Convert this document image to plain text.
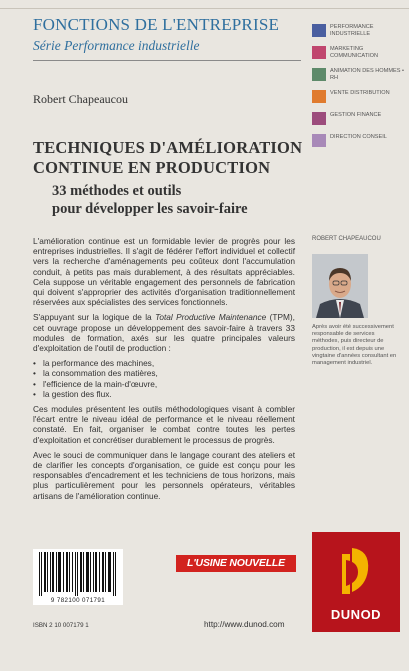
FONCTIONS DE L'ENTREPRISE
Série Performance industrielle
PERFORMANCE INDUSTRIELLE
MARKETING COMMUNICATION
ANIMATION DES HOMMES • RH
VENTE DISTRIBUTION
GESTION FINANCE
DIRECTION CONSEIL
Robert Chapeaucou
TECHNIQUES D'AMÉLIORATION
CONTINUE EN PRODUCTION
33 méthodes et outils
pour développer les savoir-faire

L'amélioration continue est un formidable levier de progrès pour les entreprises industrielles. Il s'agit de fédérer l'effort individuel et collectif vers la recherche d'aménagements peu coûteux dont l'accumulation conduit, à petits pas mais durablement, à des résultats appréciables. Cela suppose un véritable engagement des personnels de fabrication qui doivent s'approprier des activités d'organisation traditionnellement réservées aux spécialistes des services fonctionnels.

S'appuyant sur la logique de la Total Productive Maintenance (TPM), cet ouvrage propose un développement des savoir-faire à travers 33 modules de formation, axés sur les quatre principales valeurs d'exploitation de l'outil de production :

• la performance des machines,
• la consommation des matières,
• l'efficience de la main-d'œuvre,
• la gestion des flux.

Ces modules présentent les outils méthodologiques visant à combler l'écart entre le niveau idéal de performance et le niveau réellement constaté. En fait, organiser le combat contre toutes les pertes d'exploitation et concrétiser durablement le processus de progrès.

Avec le souci de communiquer dans le langage courant des ateliers et de clarifier les concepts d'organisation, ce guide est conçu pour les responsables d'encadrement et les techniciens de tous horizons, mais plus particulièrement pour les personnels opérateurs, véritables artisans de l'amélioration continue.

ROBERT CHAPEAUCOU
Après avoir été successivement responsable de services méthodes, puis directeur de production, il est depuis une vingtaine d'années consultant en management industriel.
L'USINE NOUVELLE
9 782100 071791
ISBN 2 10 007179 1	http://www.dunod.com
DUNOD
